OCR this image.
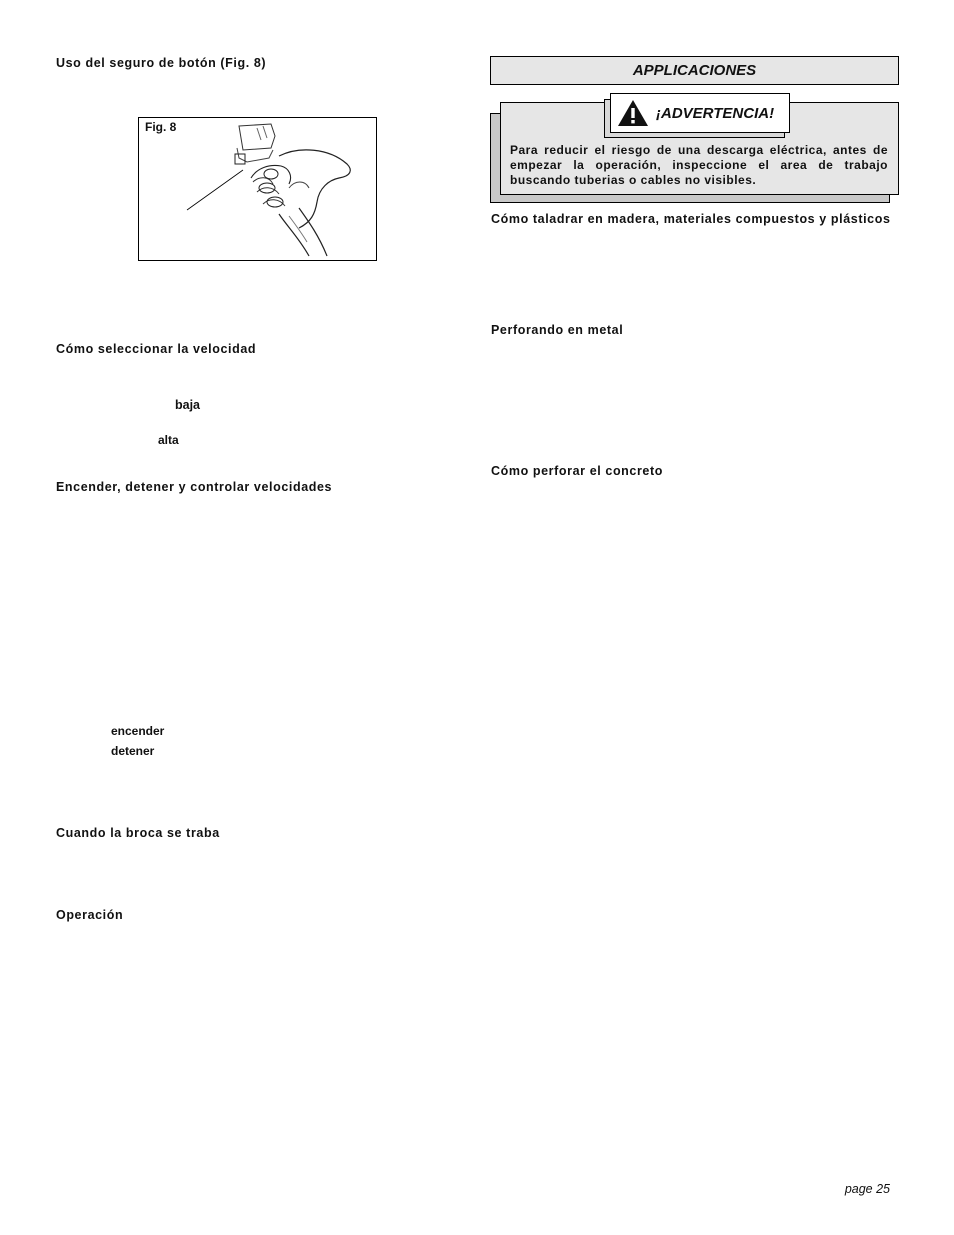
Uso del seguro de botón (Fig. 8)
Fig. 8
Cómo seleccionar la velocidad
baja
alta
Encender, detener y controlar velocidades
encender
detener
Cuando la broca se traba
Operación
APPLICACIONES
¡ADVERTENCIA!
Para reducir el riesgo de una descarga eléctrica, antes de empezar la operación, inspeccione el area de trabajo buscando tuberias o cables no visibles.
Cómo taladrar en madera, materiales compuestos y plásticos
Perforando en metal
Cómo perforar el concreto
page 25
